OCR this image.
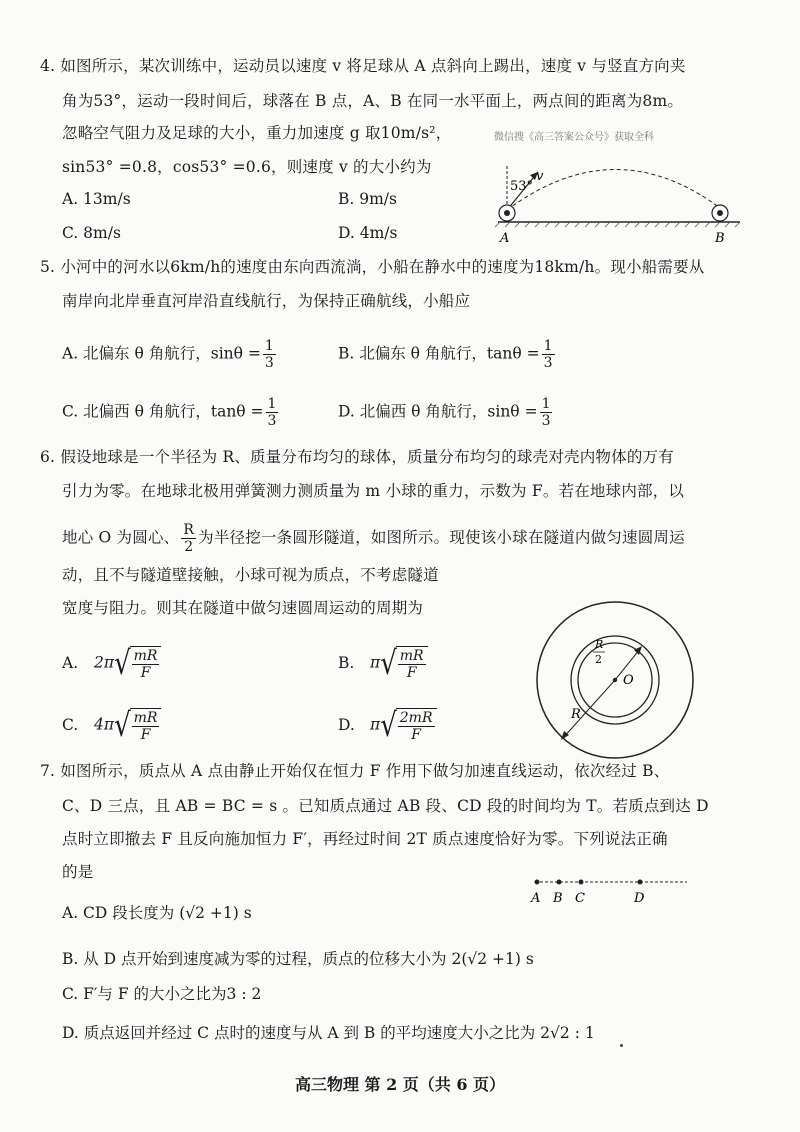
4. 如图所示，某次训练中，运动员以速度 v 将足球从 A 点斜向上踢出，速度 v 与竖直方向夹
角为53°，运动一段时间后，球落在 B 点，A、B 在同一水平面上，两点间的距离为8m。
忽略空气阻力及足球的大小，重力加速度 g 取10m/s²，	微信搜《高三答案公众号》获取全科
sin53° =0.8，cos53° =0.6，则速度 v 的大小约为
A. 13m/s	B. 9m/s
C. 8m/s	D. 4m/s
53°
v
A	B
5. 小河中的河水以6km/h的速度由东向西流淌，小船在静水中的速度为18km/h。现小船需要从
南岸向北岸垂直河岸沿直线航行，为保持正确航线，小船应
A. 北偏东 θ 角航行，$\sin\theta = \frac{1}{3}$	B. 北偏东 θ 角航行，$\tan\theta = \frac{1}{3}$
C. 北偏西 θ 角航行，$\tan\theta = \frac{1}{3}$	D. 北偏西 θ 角航行，$\sin\theta = \frac{1}{3}$
6. 假设地球是一个半径为 R、质量分布均匀的球体，质量分布均匀的球壳对壳内物体的万有
引力为零。在地球北极用弹簧测力测质量为 m 小球的重力，示数为 F。若在地球内部，以
地心 O 为圆心、 $\frac{R}{2}$ 为半径挖一条圆形隧道，如图所示。现使该小球在隧道内做匀速圆周运
动，且不与隧道壁接触，小球可视为质点，不考虑隧道
宽度与阻力。则其在隧道中做匀速圆周运动的周期为
A. 2π √ $\frac{mR}{F}$	B. π √ $\frac{mR}{F}$
C. 4π √ $\frac{mR}{F}$	D. π √ $\frac{2mR}{F}$
O
R
2
R
7. 如图所示，质点从 A 点由静止开始仅在恒力 F 作用下做匀加速直线运动，依次经过 B、
C、D 三点，且 AB = BC = s 。已知质点通过 AB 段、CD 段的时间均为 T。若质点到达 D
点时立即撤去 F 且反向施加恒力 F′，再经过时间 2T 质点速度恰好为零。下列说法正确
的是
A B C	D
A. CD 段长度为 (√2 +1) s
B. 从 D 点开始到速度减为零的过程，质点的位移大小为 2(√2 +1) s
C. F′与 F 的大小之比为3 : 2
D. 质点返回并经过 C 点时的速度与从 A 到 B 的平均速度大小之比为 2√2 : 1
高三物理 第 2 页（共 6 页）
